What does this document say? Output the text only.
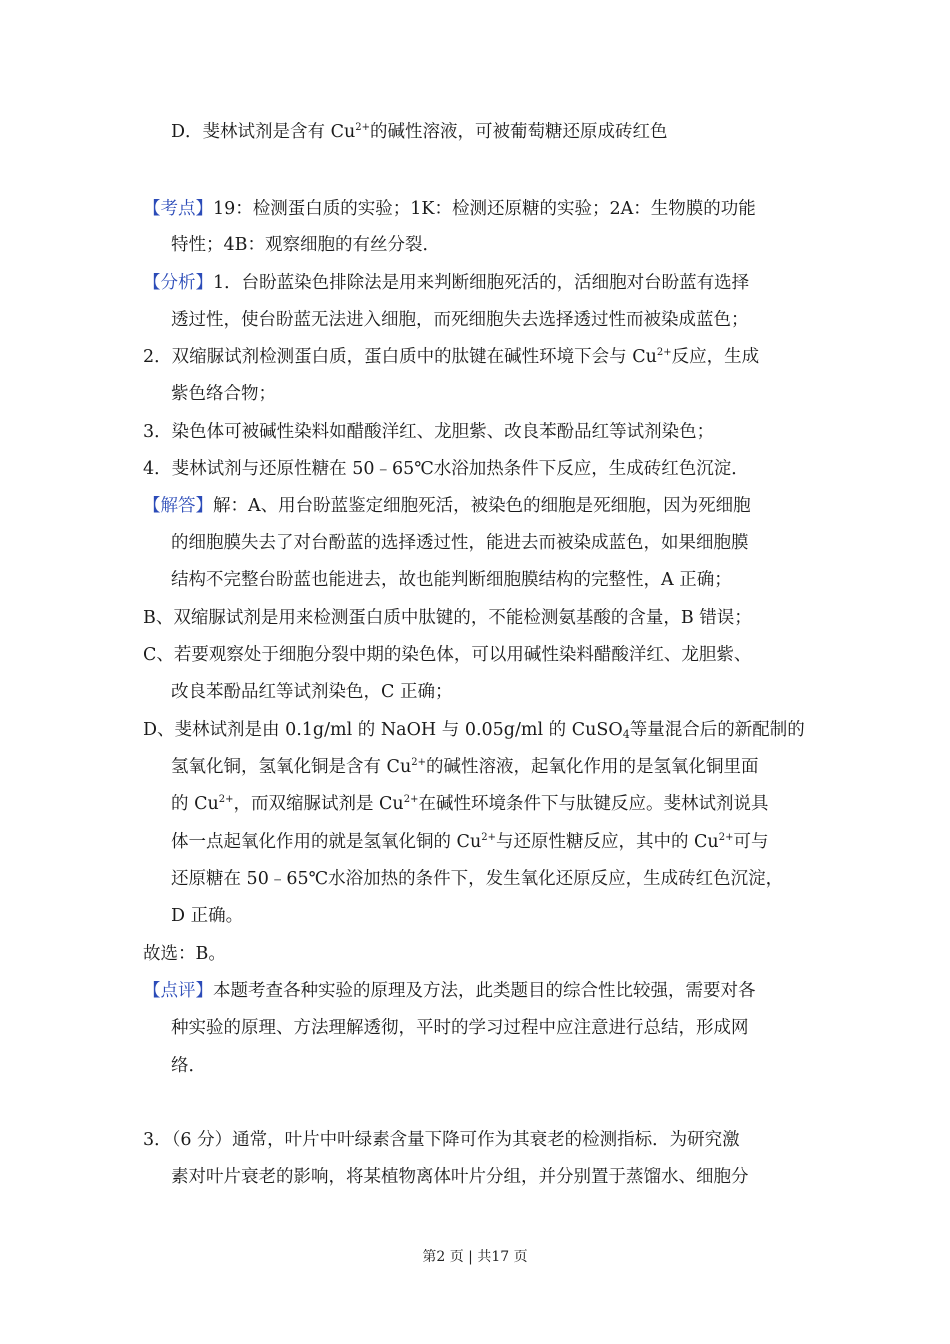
D．斐林试剂是含有 $Cu^{2+}$的碱性溶液，可被葡萄糖还原成砖红色
【考点】19：检测蛋白质的实验；1K：检测还原糖的实验；2A：生物膜的功能
特性；4B：观察细胞的有丝分裂．
【分析】1．台盼蓝染色排除法是用来判断细胞死活的，活细胞对台盼蓝有选择
透过性，使台盼蓝无法进入细胞，而死细胞失去选择透过性而被染成蓝色；
2．双缩脲试剂检测蛋白质，蛋白质中的肽键在碱性环境下会与 $Cu^{2+}$反应，生成
紫色络合物；
3．染色体可被碱性染料如醋酸洋红、龙胆紫、改良苯酚品红等试剂染色；
4．斐林试剂与还原性糖在 50﹣65℃水浴加热条件下反应，生成砖红色沉淀．
【解答】解：A、用台盼蓝鉴定细胞死活，被染色的细胞是死细胞，因为死细胞
的细胞膜失去了对台酚蓝的选择透过性，能进去而被染成蓝色，如果细胞膜
结构不完整台盼蓝也能进去，故也能判断细胞膜结构的完整性，A 正确；
B、双缩脲试剂是用来检测蛋白质中肽键的，不能检测氨基酸的含量，B 错误；
C、若要观察处于细胞分裂中期的染色体，可以用碱性染料醋酸洋红、龙胆紫、
改良苯酚品红等试剂染色，C 正确；
D、斐林试剂是由 0.1g/ml 的 NaOH 与 0.05g/ml 的 CuSO$_4$等量混合后的新配制的
氢氧化铜，氢氧化铜是含有 $Cu^{2+}$的碱性溶液，起氧化作用的是氢氧化铜里面
的 $Cu^{2+}$，而双缩脲试剂是 $Cu^{2+}$在碱性环境条件下与肽键反应。斐林试剂说具
体一点起氧化作用的就是氢氧化铜的 $Cu^{2+}$与还原性糖反应，其中的 $Cu^{2+}$可与
还原糖在 50﹣65℃水浴加热的条件下，发生氧化还原反应，生成砖红色沉淀，
D 正确。
故选：B。
【点评】本题考查各种实验的原理及方法，此类题目的综合性比较强，需要对各
种实验的原理、方法理解透彻，平时的学习过程中应注意进行总结，形成网
络．
3．（6 分）通常，叶片中叶绿素含量下降可作为其衰老的检测指标．为研究激
素对叶片衰老的影响，将某植物离体叶片分组，并分别置于蒸馏水、细胞分
第2 页 | 共17 页
